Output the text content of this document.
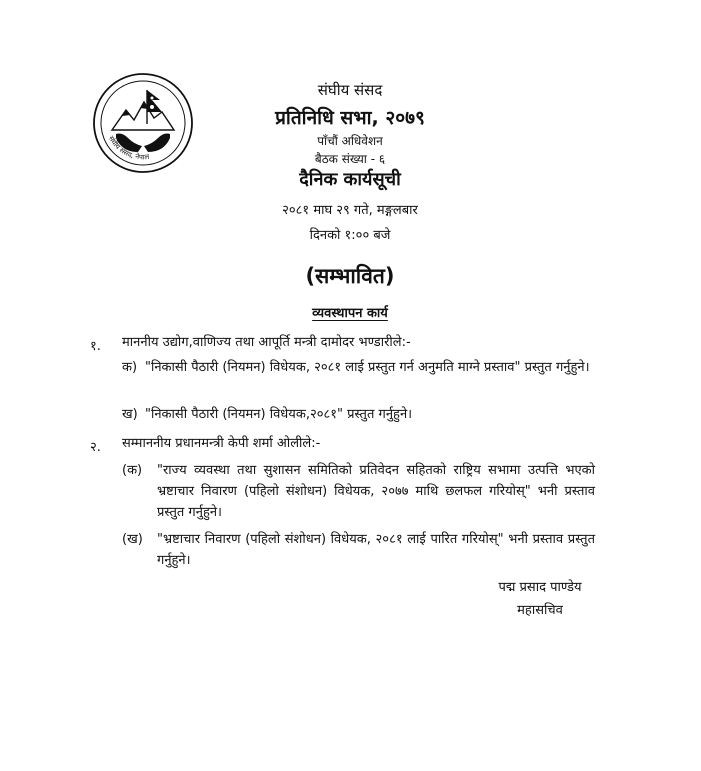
संघीय संसद, नेपाल
संघीय संसद
प्रतिनिधि सभा, २०७९
पाँचौं अधिवेशन
बैठक संख्या - ६
दैनिक कार्यसूची
२०८१ माघ २९ गते, मङ्गलबार
दिनको १:०० बजे
(सम्भावित)
व्यवस्थापन कार्य
१. माननीय उद्योग,वाणिज्य तथा आपूर्ति मन्त्री दामोदर भण्डारीले:-
क) "निकासी पैठारी (नियमन) विधेयक, २०८१ लाई प्रस्तुत गर्न अनुमति माग्ने प्रस्ताव" प्रस्तुत गर्नुहुने।
ख) "निकासी पैठारी (नियमन) विधेयक,२०८१" प्रस्तुत गर्नुहुने।
२. सम्माननीय प्रधानमन्त्री केपी शर्मा ओलीले:-
(क) "राज्य व्यवस्था तथा सुशासन समितिको प्रतिवेदन सहितको राष्ट्रिय सभामा उत्पत्ति भएको भ्रष्टाचार निवारण (पहिलो संशोधन) विधेयक, २०७७ माथि छलफल गरियोस्" भनी प्रस्ताव प्रस्तुत गर्नुहुने।
(ख) "भ्रष्टाचार निवारण (पहिलो संशोधन) विधेयक, २०८१ लाई पारित गरियोस्" भनी प्रस्ताव प्रस्तुत गर्नुहुने।
पद्म प्रसाद पाण्डेय
महासचिव
